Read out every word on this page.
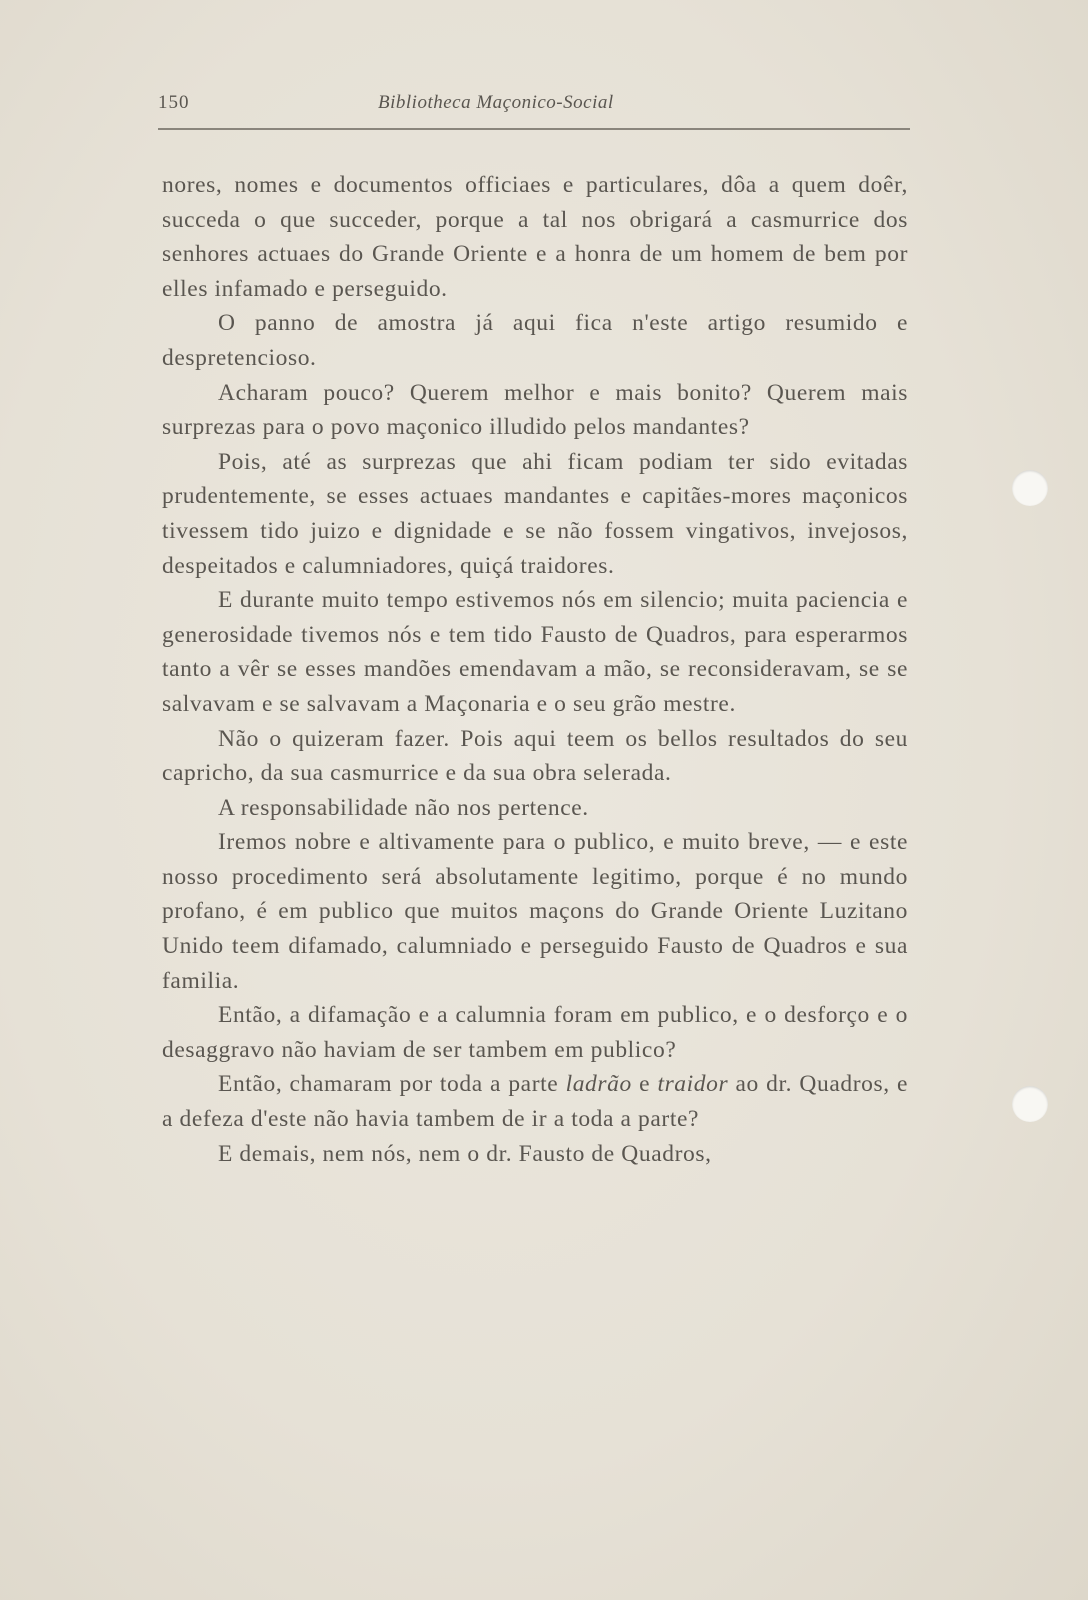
150	Bibliotheca Maçonico-Social

nores, nomes e documentos officiaes e particulares, dôa a quem doêr, succeda o que succeder, porque a tal nos obrigará a casmurrice dos senhores actuaes do Grande Oriente e a honra de um homem de bem por elles infamado e perseguido.

O panno de amostra já aqui fica n'este artigo resumido e despretencioso.

Acharam pouco? Querem melhor e mais bonito? Querem mais surprezas para o povo maçonico illudido pelos mandantes?

Pois, até as surprezas que ahi ficam podiam ter sido evitadas prudentemente, se esses actuaes mandantes e capitães-mores maçonicos tivessem tido juizo e dignidade e se não fossem vingativos, invejosos, despeitados e calumniadores, quiçá traidores.

E durante muito tempo estivemos nós em silencio; muita paciencia e generosidade tivemos nós e tem tido Fausto de Quadros, para esperarmos tanto a vêr se esses mandões emendavam a mão, se reconsideravam, se se salvavam e se salvavam a Maçonaria e o seu grão mestre.

Não o quizeram fazer. Pois aqui teem os bellos resultados do seu capricho, da sua casmurrice e da sua obra selerada.

A responsabilidade não nos pertence.

Iremos nobre e altivamente para o publico, e muito breve, — e este nosso procedimento será absolutamente legitimo, porque é no mundo profano, é em publico que muitos maçons do Grande Oriente Luzitano Unido teem difamado, calumniado e perseguido Fausto de Quadros e sua familia.

Então, a difamação e a calumnia foram em publico, e o desforço e o desaggravo não haviam de ser tambem em publico?

Então, chamaram por toda a parte ladrão e traidor ao dr. Quadros, e a defeza d'este não havia tambem de ir a toda a parte?

E demais, nem nós, nem o dr. Fausto de Quadros,
